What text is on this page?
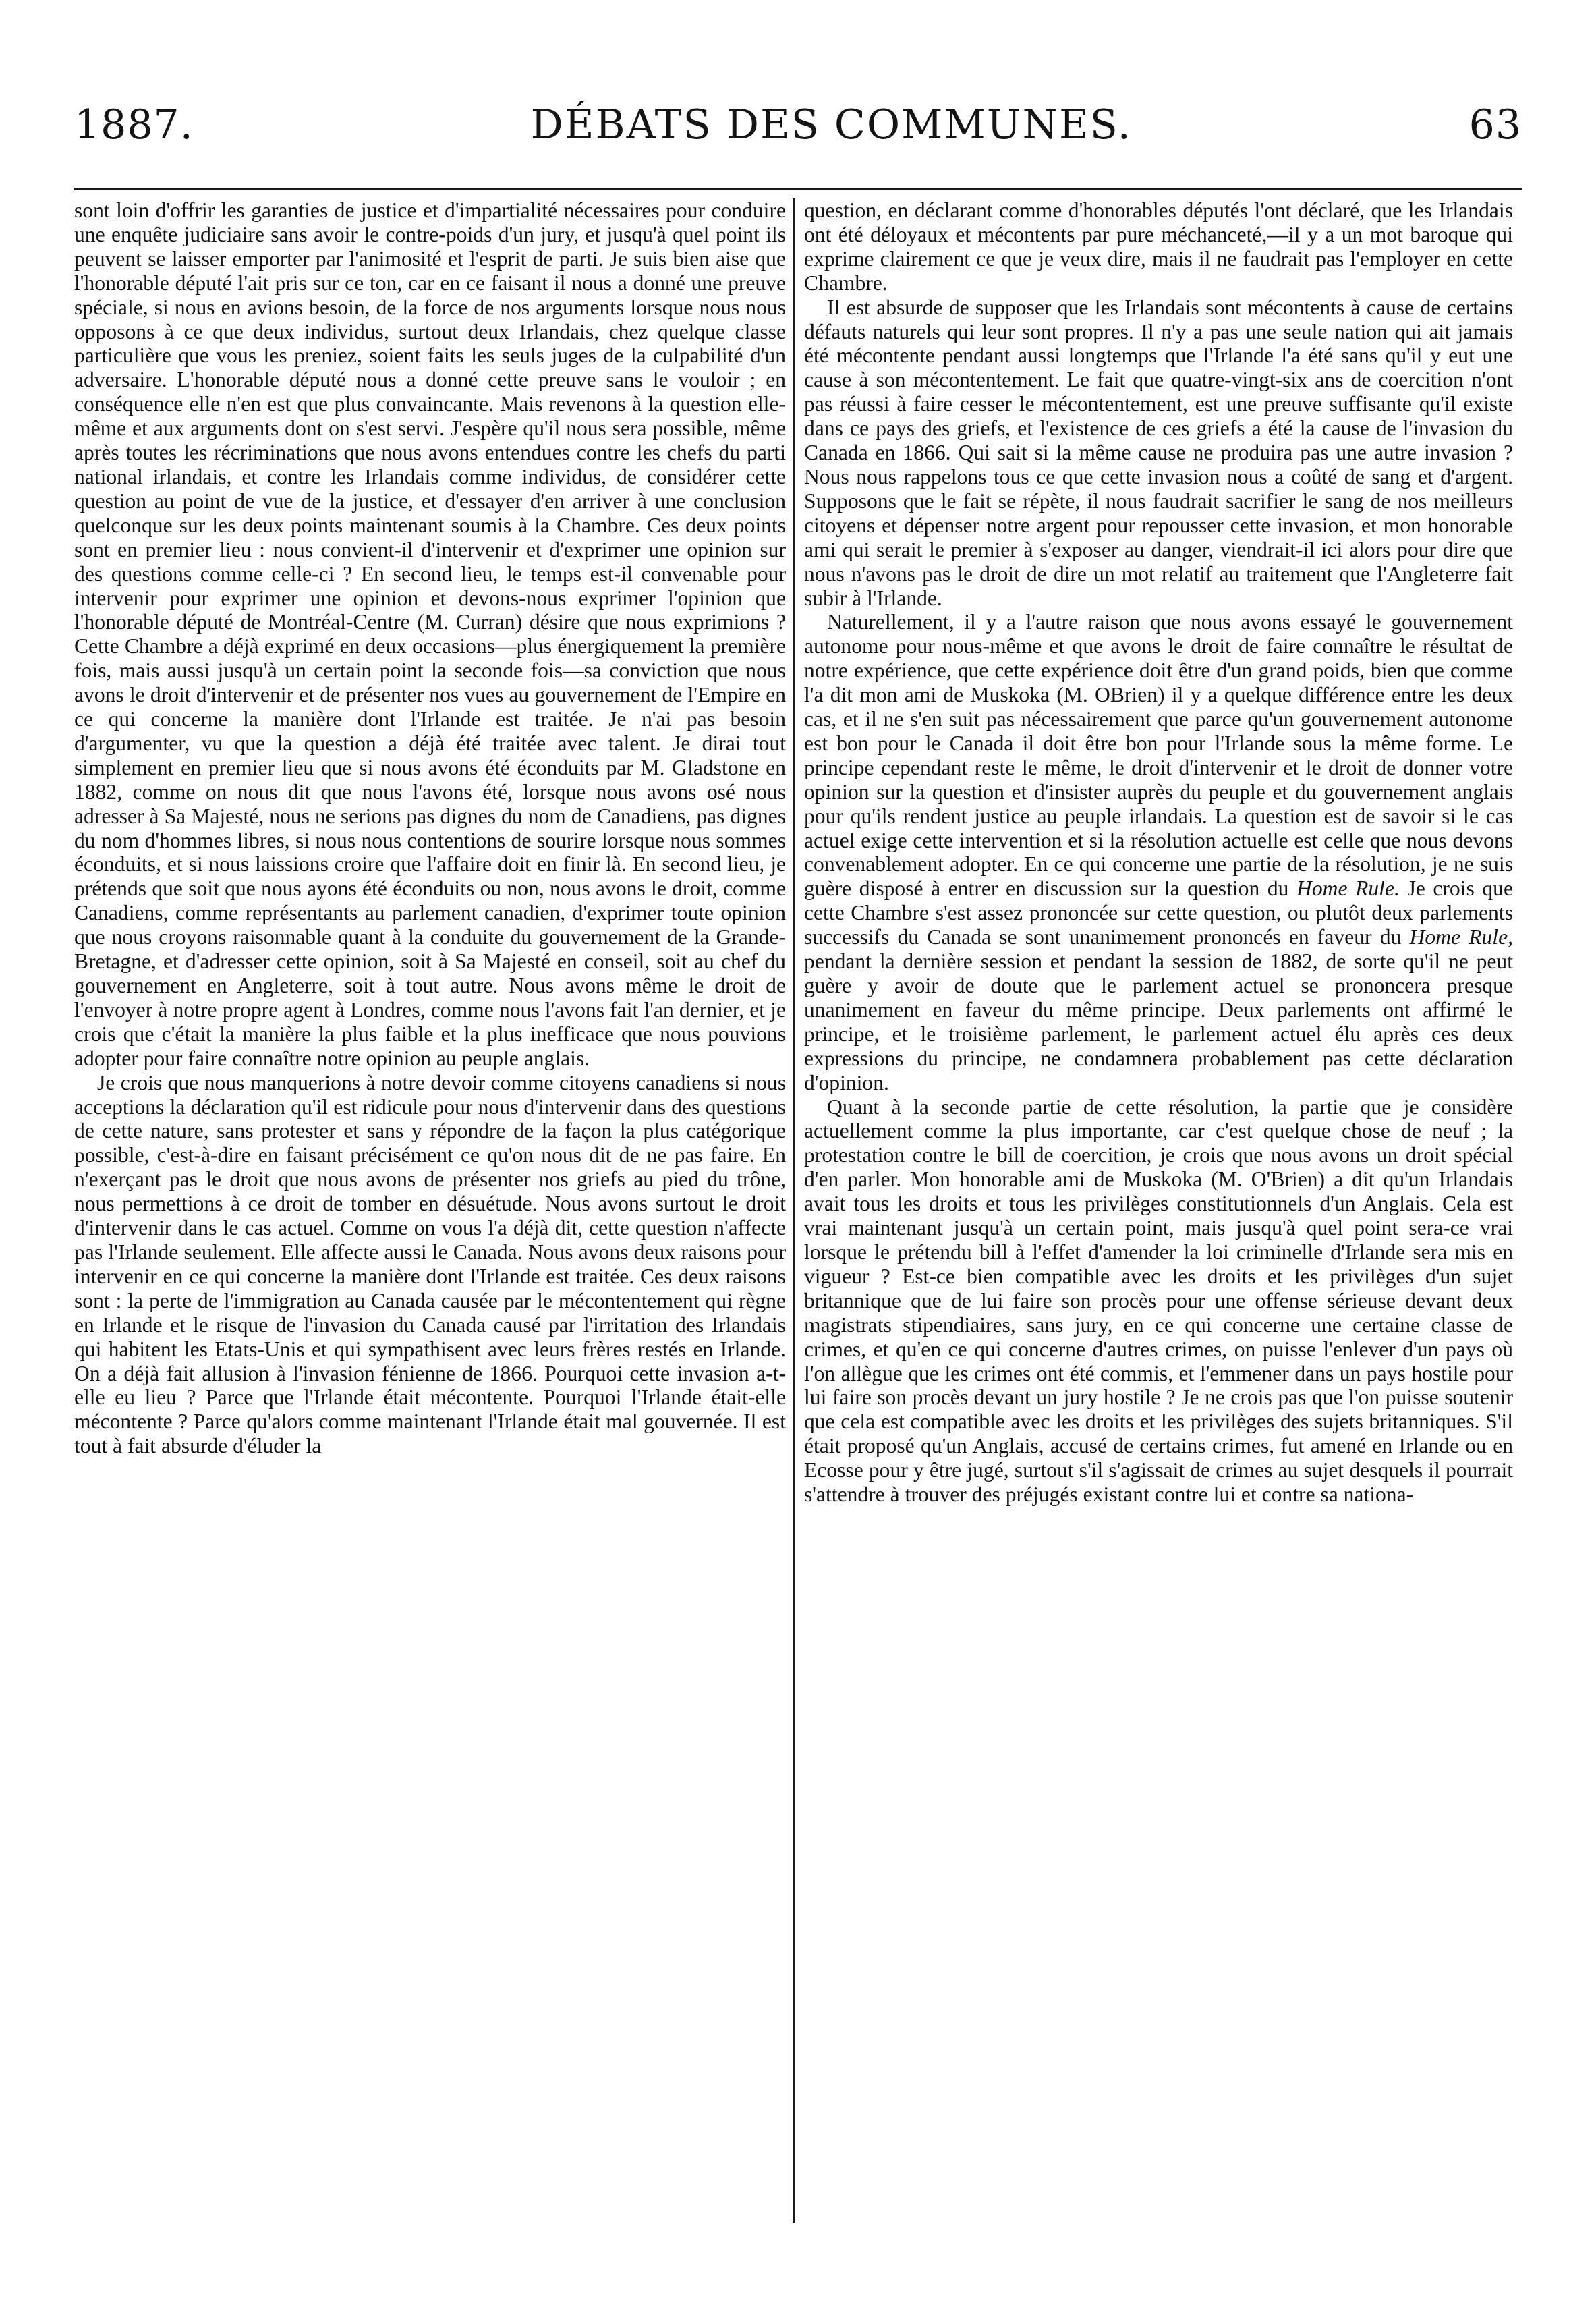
1887.	DÉBATS DES COMMUNES.	63

sont loin d'offrir les garanties de justice et d'impartialité nécessaires pour conduire une enquête judiciaire sans avoir le contre-poids d'un jury, et jusqu'à quel point ils peuvent se laisser emporter par l'animosité et l'esprit de parti. Je suis bien aise que l'honorable député l'ait pris sur ce ton, car en ce faisant il nous a donné une preuve spéciale, si nous en avions besoin, de la force de nos arguments lorsque nous nous opposons à ce que deux individus, surtout deux Irlandais, chez quelque classe particulière que vous les preniez, soient faits les seuls juges de la culpabilité d'un adversaire. L'honorable député nous a donné cette preuve sans le vouloir ; en conséquence elle n'en est que plus convaincante. Mais revenons à la question elle-même et aux arguments dont on s'est servi. J'espère qu'il nous sera possible, même après toutes les récriminations que nous avons entendues contre les chefs du parti national irlandais, et contre les Irlandais comme individus, de considérer cette question au point de vue de la justice, et d'essayer d'en arriver à une conclusion quelconque sur les deux points maintenant soumis à la Chambre. Ces deux points sont en premier lieu : nous convient-il d'intervenir et d'exprimer une opinion sur des questions comme celle-ci ? En second lieu, le temps est-il convenable pour intervenir pour exprimer une opinion et devons-nous exprimer l'opinion que l'honorable député de Montréal-Centre (M. Curran) désire que nous exprimions ? Cette Chambre a déjà exprimé en deux occasions—plus énergiquement la première fois, mais aussi jusqu'à un certain point la seconde fois—sa conviction que nous avons le droit d'intervenir et de présenter nos vues au gouvernement de l'Empire en ce qui concerne la manière dont l'Irlande est traitée. Je n'ai pas besoin d'argumenter, vu que la question a déjà été traitée avec talent. Je dirai tout simplement en premier lieu que si nous avons été éconduits par M. Gladstone en 1882, comme on nous dit que nous l'avons été, lorsque nous avons osé nous adresser à Sa Majesté, nous ne serions pas dignes du nom de Canadiens, pas dignes du nom d'hommes libres, si nous nous contentions de sourire lorsque nous sommes éconduits, et si nous laissions croire que l'affaire doit en finir là. En second lieu, je prétends que soit que nous ayons été éconduits ou non, nous avons le droit, comme Canadiens, comme représentants au parlement canadien, d'exprimer toute opinion que nous croyons raisonnable quant à la conduite du gouvernement de la Grande-Bretagne, et d'adresser cette opinion, soit à Sa Majesté en conseil, soit au chef du gouvernement en Angleterre, soit à tout autre. Nous avons même le droit de l'envoyer à notre propre agent à Londres, comme nous l'avons fait l'an dernier, et je crois que c'était la manière la plus faible et la plus inefficace que nous pouvions adopter pour faire connaître notre opinion au peuple anglais.

Je crois que nous manquerions à notre devoir comme citoyens canadiens si nous acceptions la déclaration qu'il est ridicule pour nous d'intervenir dans des questions de cette nature, sans protester et sans y répondre de la façon la plus catégorique possible, c'est-à-dire en faisant précisément ce qu'on nous dit de ne pas faire. En n'exerçant pas le droit que nous avons de présenter nos griefs au pied du trône, nous permettions à ce droit de tomber en désuétude. Nous avons surtout le droit d'intervenir dans le cas actuel. Comme on vous l'a déjà dit, cette question n'affecte pas l'Irlande seulement. Elle affecte aussi le Canada. Nous avons deux raisons pour intervenir en ce qui concerne la manière dont l'Irlande est traitée. Ces deux raisons sont : la perte de l'immigration au Canada causée par le mécontentement qui règne en Irlande et le risque de l'invasion du Canada causé par l'irritation des Irlandais qui habitent les Etats-Unis et qui sympathisent avec leurs frères restés en Irlande. On a déjà fait allusion à l'invasion fénienne de 1866. Pourquoi cette invasion a-t-elle eu lieu ? Parce que l'Irlande était mécontente. Pourquoi l'Irlande était-elle mécontente ? Parce qu'alors comme maintenant l'Irlande était mal gouvernée. Il est tout à fait absurde d'éluder la

question, en déclarant comme d'honorables députés l'ont déclaré, que les Irlandais ont été déloyaux et mécontents par pure méchanceté,—il y a un mot baroque qui exprime clairement ce que je veux dire, mais il ne faudrait pas l'employer en cette Chambre.

Il est absurde de supposer que les Irlandais sont mécontents à cause de certains défauts naturels qui leur sont propres. Il n'y a pas une seule nation qui ait jamais été mécontente pendant aussi longtemps que l'Irlande l'a été sans qu'il y eut une cause à son mécontentement. Le fait que quatre-vingt-six ans de coercition n'ont pas réussi à faire cesser le mécontentement, est une preuve suffisante qu'il existe dans ce pays des griefs, et l'existence de ces griefs a été la cause de l'invasion du Canada en 1866. Qui sait si la même cause ne produira pas une autre invasion ? Nous nous rappelons tous ce que cette invasion nous a coûté de sang et d'argent. Supposons que le fait se répète, il nous faudrait sacrifier le sang de nos meilleurs citoyens et dépenser notre argent pour repousser cette invasion, et mon honorable ami qui serait le premier à s'exposer au danger, viendrait-il ici alors pour dire que nous n'avons pas le droit de dire un mot relatif au traitement que l'Angleterre fait subir à l'Irlande.

Naturellement, il y a l'autre raison que nous avons essayé le gouvernement autonome pour nous-même et que avons le droit de faire connaître le résultat de notre expérience, que cette expérience doit être d'un grand poids, bien que comme l'a dit mon ami de Muskoka (M. OBrien) il y a quelque différence entre les deux cas, et il ne s'en suit pas nécessairement que parce qu'un gouvernement autonome est bon pour le Canada il doit être bon pour l'Irlande sous la même forme. Le principe cependant reste le même, le droit d'intervenir et le droit de donner votre opinion sur la question et d'insister auprès du peuple et du gouvernement anglais pour qu'ils rendent justice au peuple irlandais. La question est de savoir si le cas actuel exige cette intervention et si la résolution actuelle est celle que nous devons convenablement adopter. En ce qui concerne une partie de la résolution, je ne suis guère disposé à entrer en discussion sur la question du Home Rule. Je crois que cette Chambre s'est assez prononcée sur cette question, ou plutôt deux parlements successifs du Canada se sont unanimement prononcés en faveur du Home Rule, pendant la dernière session et pendant la session de 1882, de sorte qu'il ne peut guère y avoir de doute que le parlement actuel se prononcera presque unanimement en faveur du même principe. Deux parlements ont affirmé le principe, et le troisième parlement, le parlement actuel élu après ces deux expressions du principe, ne condamnera probablement pas cette déclaration d'opinion.

Quant à la seconde partie de cette résolution, la partie que je considère actuellement comme la plus importante, car c'est quelque chose de neuf ; la protestation contre le bill de coercition, je crois que nous avons un droit spécial d'en parler. Mon honorable ami de Muskoka (M. O'Brien) a dit qu'un Irlandais avait tous les droits et tous les privilèges constitutionnels d'un Anglais. Cela est vrai maintenant jusqu'à un certain point, mais jusqu'à quel point sera-ce vrai lorsque le prétendu bill à l'effet d'amender la loi criminelle d'Irlande sera mis en vigueur ? Est-ce bien compatible avec les droits et les privilèges d'un sujet britannique que de lui faire son procès pour une offense sérieuse devant deux magistrats stipendiaires, sans jury, en ce qui concerne une certaine classe de crimes, et qu'en ce qui concerne d'autres crimes, on puisse l'enlever d'un pays où l'on allègue que les crimes ont été commis, et l'emmener dans un pays hostile pour lui faire son procès devant un jury hostile ? Je ne crois pas que l'on puisse soutenir que cela est compatible avec les droits et les privilèges des sujets britanniques. S'il était proposé qu'un Anglais, accusé de certains crimes, fut amené en Irlande ou en Ecosse pour y être jugé, surtout s'il s'agissait de crimes au sujet desquels il pourrait s'attendre à trouver des préjugés existant contre lui et contre sa nationa-
